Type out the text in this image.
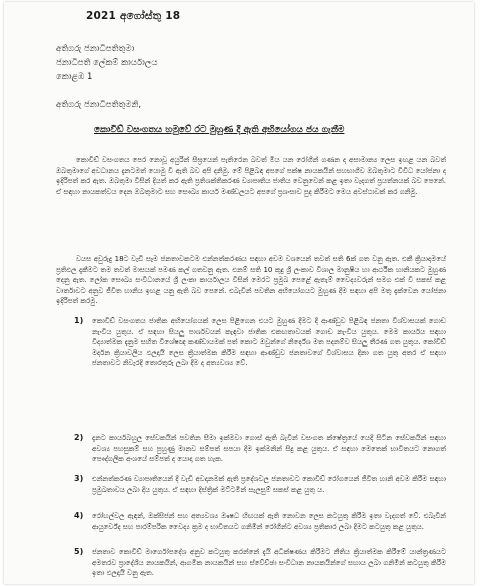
2021 අගෝස්තු 18
අතිගරු ජනාධිපතිතුමා
ජනාධිපති ලේකම් කාර්යාලය
කොළඹ 1
අතිගරු ජනාධිපතිතුමනි,
කොවිඩ් වසංගතය හමුවේ රට මුහුණ දී ඇති අභියෝගය ජය ගැනීම

කොවිඩ් වසංගතය පෙර නොවූ අයුරින් සීඝ්‍රයෙන් පැතිරෙන බවත් මිය යන රෝගීන් ගණන ද අසාමාන්‍ය ලෙස ඉහළ යන බවත් ඔබතුමාගේ අවධානය දැනටමත් යොමු වී ඇති බව අපි දනිමු. මේ පිළිබඳ අපගේ පක්ෂ නායකයින් සහභාගීව ඔබතුමාට විවිධ යෝජනා ද ඉදිරිපත් කර ඇත. ඔබතුමා විසින් දියත් කර ඇති ප්‍රතිශක්තිකරණ ව්‍යාපෘතිය ජාතිය වෙනුවෙන් කළ ඉතා වැදගත් ප්‍රයත්නයක් බව පෙනේ. ඒ සඳහා නායකත්වය දෙන ඔබතුමාට සහ සෞඛ්‍ය කාර්ය මණ්ඩලයට අපගේ ප්‍රශංසාව පුද කිරීමට මෙය අවස්ථාවක් කර ගනිමු.

වයස අවුරුදු 18ට වැඩි සෑම ජනතාවකටම එන්නත්කරණය සඳහා අවම වශයෙන් තවත් සති 6ක් ගත වනු ඇත. එකී ක්‍රියාදාමයේ ප්‍රතිඵල දැකීමට තම තවත් මාසයක් පමණ කල් ගතවනු ඇත. එනම් සති 10 කුදු ශ්‍රී ලංකාව විශාල මානුෂීය හා ආර්ථික හානියකට මුහුණ දෙනු ඇත. ලෝක සෞඛ්‍ය සංවිධානයේ ශ්‍රී ලංකා කාර්යාලය විසින් මෙරට ප්‍රමුඛ පෙළේ ඇතැම් වෛද්‍යවරුන් සමග එක් වී සකස් කළ වාර්තාවට අනුව ජීවිත හානිය ඉහළ යනු ඇති බව පෙනේ. එබැවින් පවතින අභියෝගයට මුහුණ දීම සඳහා අපි මතු දැක්වෙන යෝජනා ඉදිරිපත් කරමු.

1) කොවිඩ් වසංගතය ජාතික අභියෝගයක් ලෙස පිළිගෙන එයට මුහුණ දීමට දී ආණ්ඩුව පිළිබඳ ජනතා විශ්වාසයක් ගොඩ නැංවිය යුතුය. ඒ සඳහා සියලු පාර්ශවයන් කැඳවා ජාතික එකඟතාවයක් ගොඩ නැංවිය යුතුය. මෙම කාර්යය සඳහා විද්‍යාත්මක දැනුම සහිත විශේෂඥ කණ්ඩායමක් පත් කොට ඔවුන්ගේ නිර්දේශ මත පදනම්ව සියලු තීරණ ගත යුතුය. කෝවිඩ් මර්දන ක්‍රියාවලිය ඵලදායී ලෙස ක්‍රියාත්මක කිරීම සඳහා ආණ්ඩුව ජනතාවගේ විශ්වාසය දිනා ගත යුතු අතර ඒ සඳහා ජනතාවට නිවැරදි තොරතුරු ලබා දීම ද අත්‍යවශ්‍ය වේ.
2) දැනට කාර්යබහුල සේවකයින් පවතින සීමා ඉක්මවා ගොස් ඇති බැවින් වසංගත ක්ෂේත්‍රයේ යෙදී සිටින සේවකයින් සඳහා අවශ්‍ය පහසුකම් සහ පුහුණු මානව සම්පත් සපයා දීම ඉක්මනින් සිදු කළ යුතුය. ඒ සඳහා මෙතෙක් භාවිතයට නොගත් පෞද්ගලික අංශයේ සම්පත් ද යොදා ගත හැක.
3) එන්නත්කරණ ව්‍යාපෘතියෙන් දී වැඩි අවදානමක් ඇති ප්‍රදේශවල ජනතාවට කොවිඩ් රෝගයෙන් ජීවිත හානි අවම කිරීම සඳහා ප්‍රමුඛතාවය ලබා දිය යුතුය. ඒ සඳහා දිස්ත්‍රික් මට්ටමින් සැලසුම් සකස් කළ යුතු ය.
4) රෝහල්වල ඇඳන්, ඔක්සිජන් සහ අත්‍යවශ්‍ය ඖෂධ හිඟයක් ඇති නොවන ලෙස කටයුතු කිරීම ඉතා වැදගත් වේ. එබැවින් ආයුර්වේද සහ පාරම්පරික වෛද්‍ය ක්‍රම ද භාවිතයට ගනිමින් රෝගීන්ට අවශ්‍ය ප්‍රතිකාර ලබා දීමට කටයුතු කළ යුතුය.
5) ජනතාව කොවිඩ් මාර්ගෝපදේශ අනුව කටයුතු කරන්නේ දැයි අධීක්ෂණය කිරීමට නීතිය ක්‍රියාත්මක කිරීමේ යාන්ත්‍රණයට අමතරව ප්‍රාදේශීය නායකයින්, ආගමික නායකයින් සහ ස්වේච්ඡා සංවිධාන නායකයින්ගේ සහාය ලබා ගනිමින් කටයුතු කිරීම ඉතා ඵලදායී වනු ඇත.
